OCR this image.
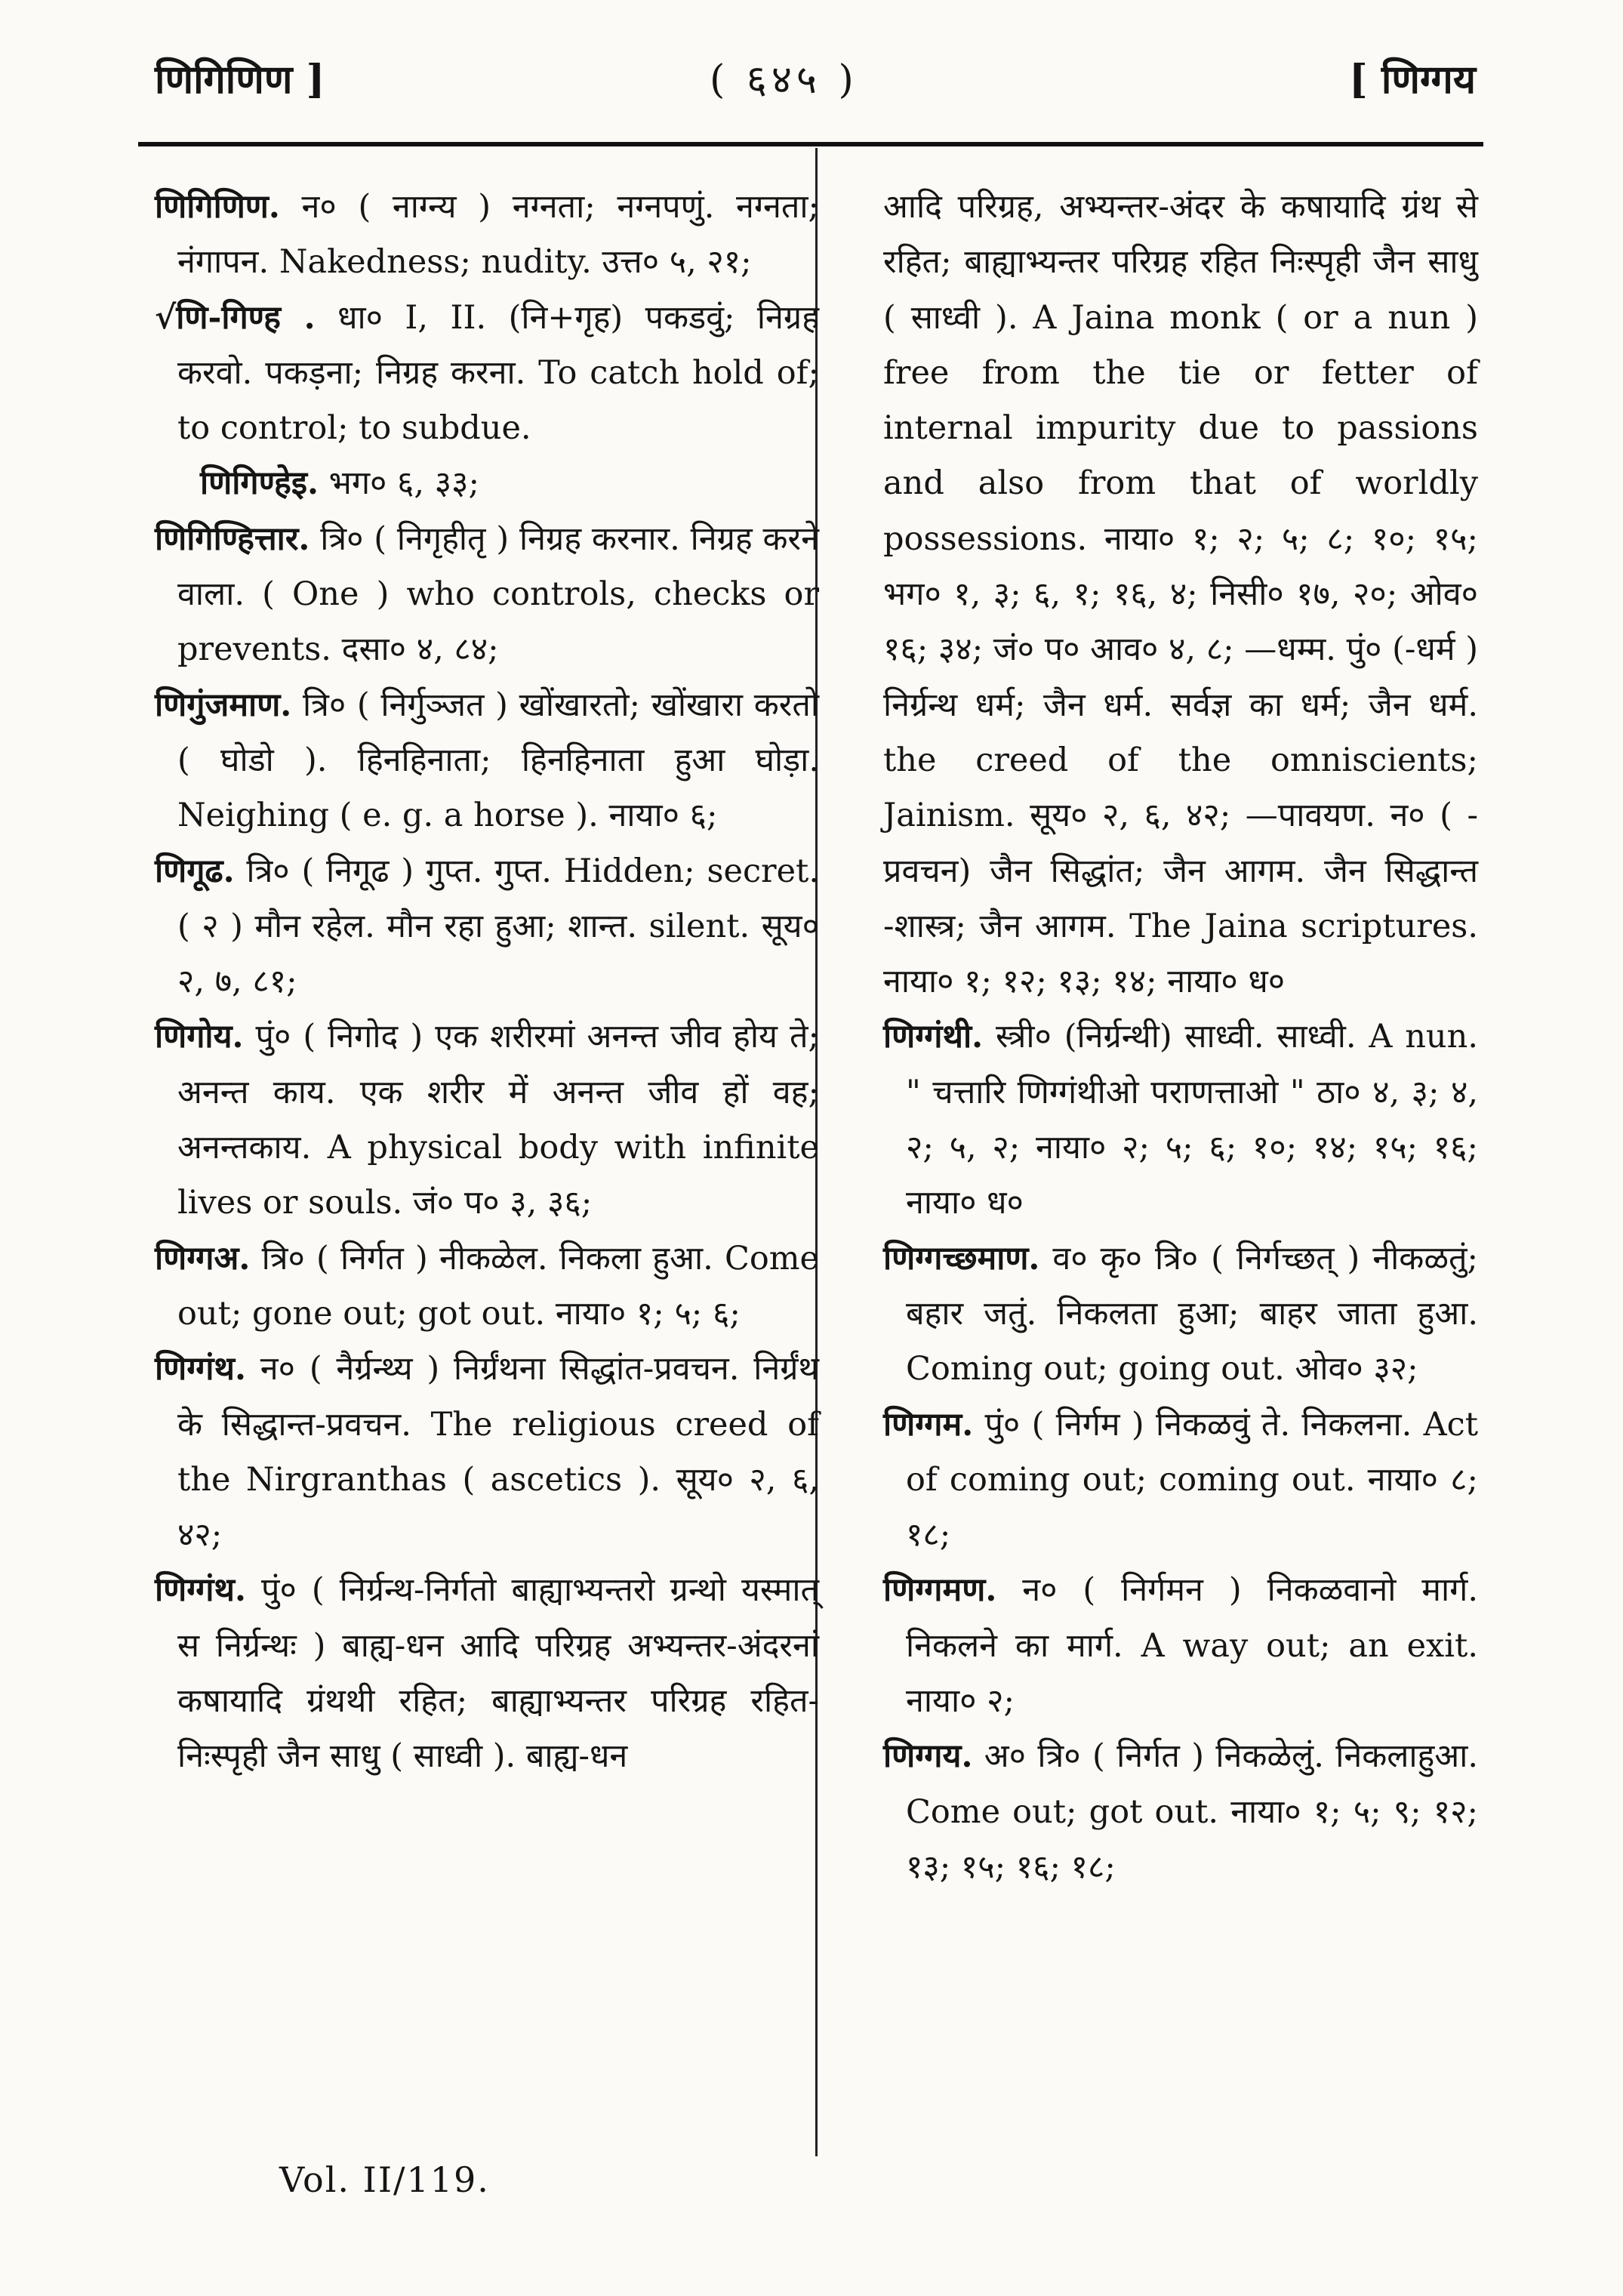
णिगिणिण ]	( ६४५ )	[ णिग्गय

णिगिणिण. न० ( नाग्न्य ) नग्नता; नग्नपणुं. नग्नता; नंगापन. Nakedness; nudity. उत्त० ५, २१;

√णि-गिण्ह . धा० I, II. (नि+गृह) पकडवुं; निग्रह करवो. पकड़ना; निग्रह करना. To catch hold of; to control; to subdue.

णिगिण्हेइ. भग० ६, ३३;

णिगिण्हित्तार. त्रि० ( निगृहीतृ ) निग्रह करनार. निग्रह करने वाला. ( One ) who controls, checks or prevents. दसा० ४, ८४;

णिगुंजमाण. त्रि० ( निर्गुञ्जत ) खोंखारतो; खोंखारा करतो ( घोडो ). हिनहिनाता; हिनहिनाता हुआ घोड़ा. Neighing ( e. g. a horse ). नाया० ६;

णिगूढ. त्रि० ( निगूढ ) गुप्त. गुप्त. Hidden; secret. ( २ ) मौन रहेल. मौन रहा हुआ; शान्त. silent. सूय० २, ७, ८१;

णिगोय. पुं० ( निगोद ) एक शरीरमां अनन्त जीव होय ते; अनन्त काय. एक शरीर में अनन्त जीव हों वह; अनन्तकाय. A physical body with infinite lives or souls. जं० प० ३, ३६;

णिग्गअ. त्रि० ( निर्गत ) नीकळेल. निकला हुआ. Come out; gone out; got out. नाया० १; ५; ६;

णिग्गंथ. न० ( नैर्ग्रन्थ्य ) निर्ग्रंथना सिद्धांत-प्रवचन. निर्ग्रंथ के सिद्धान्त-प्रवचन. The religious creed of the Nirgranthas ( ascetics ). सूय० २, ६, ४२;

णिग्गंथ. पुं० ( निर्ग्रन्थ-निर्गतो बाह्याभ्यन्तरो ग्रन्थो यस्मात् स निर्ग्रन्थः ) बाह्य-धन आदि परिग्रह अभ्यन्तर-अंदरनां कषायादि ग्रंथथी रहित; बाह्याभ्यन्तर परिग्रह रहित-निःस्पृही जैन साधु ( साध्वी ). बाह्य-धन

आदि परिग्रह, अभ्यन्तर-अंदर के कषायादि ग्रंथ से रहित; बाह्याभ्यन्तर परिग्रह रहित निःस्पृही जैन साधु ( साध्वी ). A Jaina monk ( or a nun ) free from the tie or fetter of internal impurity due to passions and also from that of worldly possessions. नाया० १; २; ५; ८; १०; १५; भग० १, ३; ६, १; १६, ४; निसी० १७, २०; ओव० १६; ३४; जं० प० आव० ४, ८; —धम्म. पुं० (-धर्म ) निर्ग्रन्थ धर्म; जैन धर्म. सर्वज्ञ का धर्म; जैन धर्म. the creed of the omniscients; Jainism. सूय० २, ६, ४२; —पावयण. न० ( -प्रवचन) जैन सिद्धांत; जैन आगम. जैन सिद्धान्त -शास्त्र; जैन आगम. The Jaina scriptures. नाया० १; १२; १३; १४; नाया० ध०

णिग्गंथी. स्त्री० (निर्ग्रन्थी) साध्वी. साध्वी. A nun. " चत्तारि णिग्गंथीओ पराणत्ताओ " ठा० ४, ३; ४, २; ५, २; नाया० २; ५; ६; १०; १४; १५; १६; नाया० ध०

णिग्गच्छमाण. व० कृ० त्रि० ( निर्गच्छत् ) नीकळतुं; बहार जतुं. निकलता हुआ; बाहर जाता हुआ. Coming out; going out. ओव० ३२;

णिग्गम. पुं० ( निर्गम ) निकळवुं ते. निकलना. Act of coming out; coming out. नाया० ८; १८;

णिग्गमण. न० ( निर्गमन ) निकळवानो मार्ग. निकलने का मार्ग. A way out; an exit. नाया० २;

णिग्गय. अ० त्रि० ( निर्गत ) निकळेलुं. निकलाहुआ. Come out; got out. नाया० १; ५; ९; १२; १३; १५; १६; १८;

Vol. II/119.
